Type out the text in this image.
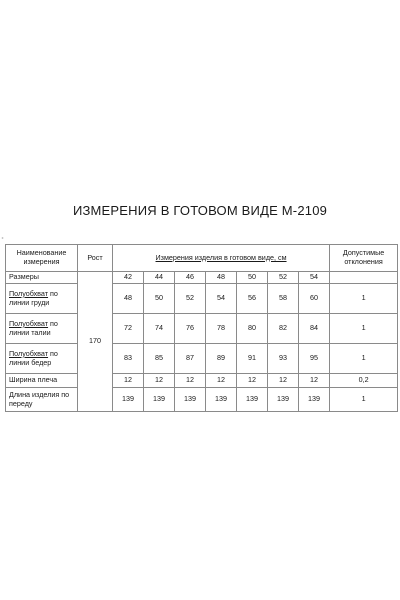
ИЗМЕРЕНИЯ В ГОТОВОМ ВИДЕ М-2109
⁺
Наименование измерения	Рост	Измерения изделия в готовом виде, см							Допустимые отклонения
Размеры	170	42	44	46	48	50	52	54	
Полуобхват по линии груди		48	50	52	54	56	58	60	1
Полуобхват по линии талии		72	74	76	78	80	82	84	1
Полуобхват по линии бедер		83	85	87	89	91	93	95	1
Ширина плеча		12	12	12	12	12	12	12	0,2
Длина изделия по переду		139	139	139	139	139	139	139	1
